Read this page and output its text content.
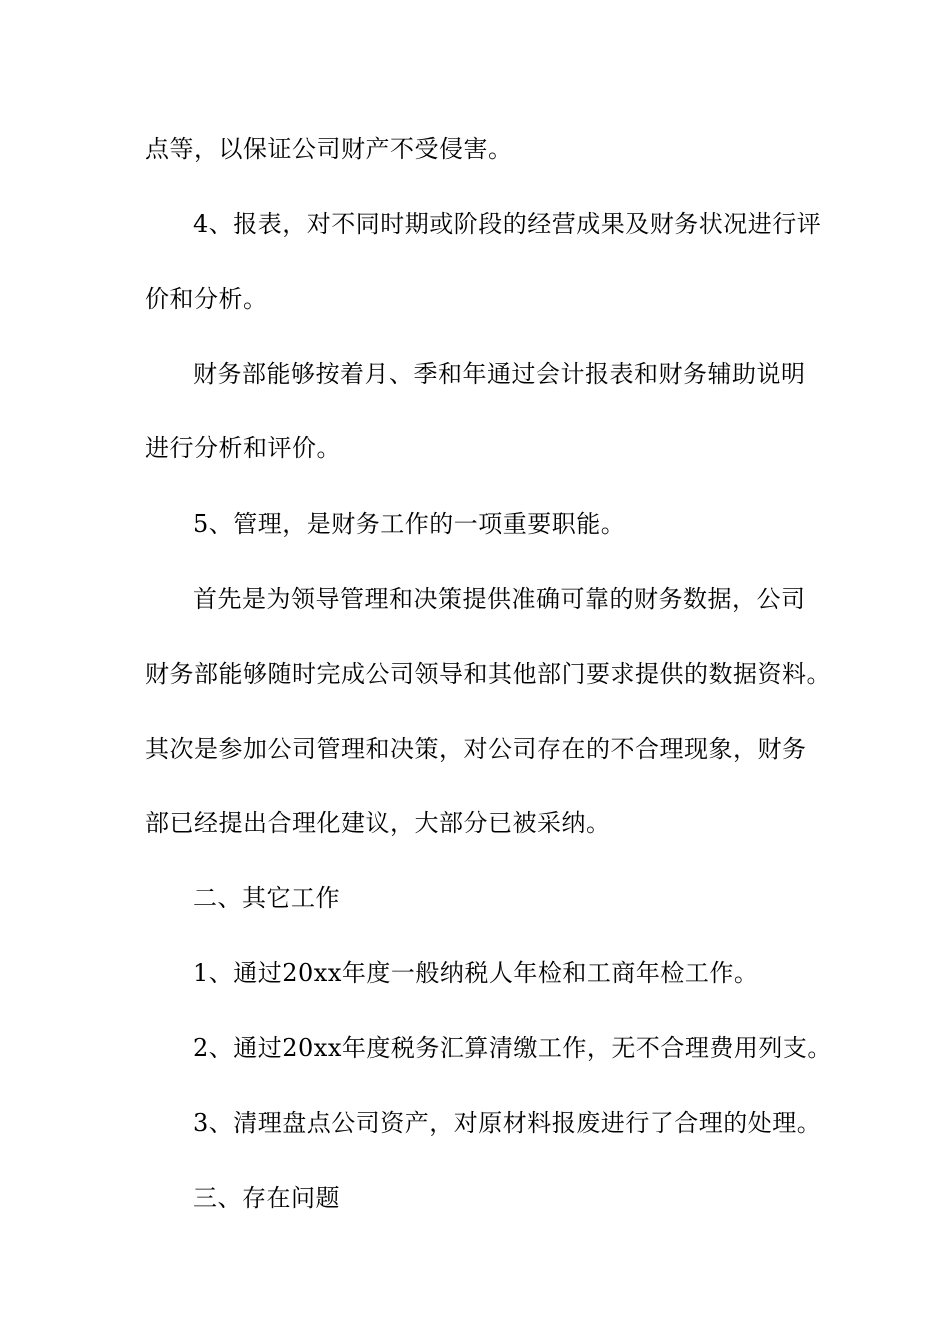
点等，以保证公司财产不受侵害。
4、报表，对不同时期或阶段的经营成果及财务状况进行评
价和分析。
财务部能够按着月、季和年通过会计报表和财务辅助说明
进行分析和评价。
5、管理，是财务工作的一项重要职能。
首先是为领导管理和决策提供准确可靠的财务数据，公司
财务部能够随时完成公司领导和其他部门要求提供的数据资料。
其次是参加公司管理和决策，对公司存在的不合理现象，财务
部已经提出合理化建议，大部分已被采纳。
二、其它工作
1、通过20xx年度一般纳税人年检和工商年检工作。
2、通过20xx年度税务汇算清缴工作，无不合理费用列支。
3、清理盘点公司资产，对原材料报废进行了合理的处理。
三、存在问题
